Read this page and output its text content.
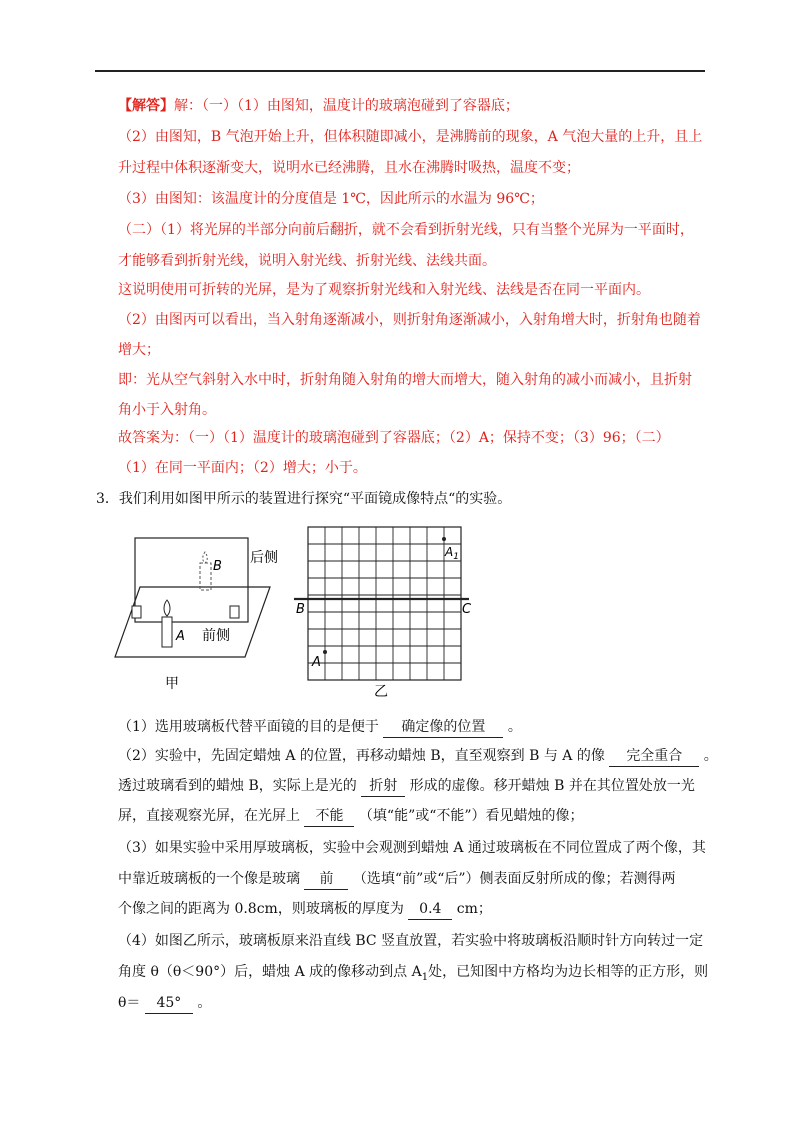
【解答】解：（一）（1）由图知，温度计的玻璃泡碰到了容器底；
（2）由图知，B 气泡开始上升，但体积随即减小，是沸腾前的现象，A 气泡大量的上升，且上
升过程中体积逐渐变大，说明水已经沸腾，且水在沸腾时吸热，温度不变；
（3）由图知：该温度计的分度值是 1℃，因此所示的水温为 96℃；
（二）（1）将光屏的半部分向前后翻折，就不会看到折射光线，只有当整个光屏为一平面时，
才能够看到折射光线，说明入射光线、折射光线、法线共面。
这说明使用可折转的光屏，是为了观察折射光线和入射光线、法线是否在同一平面内。
（2）由图丙可以看出，当入射角逐渐减小，则折射角逐渐减小，入射角增大时，折射角也随着
增大；
即：光从空气斜射入水中时，折射角随入射角的增大而增大，随入射角的减小而减小，且折射
角小于入射角。
故答案为：（一）（1）温度计的玻璃泡碰到了容器底；（2）A；保持不变；（3）96；（二）
（1）在同一平面内；（2）增大；小于。
3．我们利用如图甲所示的装置进行探究“平面镜成像特点“的实验。
B
A
后侧
前侧
甲
B	C
A
$A_1$
乙
（1）选用玻璃板代替平面镜的目的是便于 确定像的位置 。
（2）实验中，先固定蜡烛 A 的位置，再移动蜡烛 B，直至观察到 B 与 A 的像 完全重合 。
透过玻璃看到的蜡烛 B，实际上是光的 折射 形成的虚像。移开蜡烛 B 并在其位置处放一光
屏，直接观察光屏，在光屏上 不能 （填“能”或“不能”）看见蜡烛的像；
（3）如果实验中采用厚玻璃板，实验中会观测到蜡烛 A 通过玻璃板在不同位置成了两个像，其
中靠近玻璃板的一个像是玻璃 前 （选填“前”或“后”）侧表面反射所成的像；若测得两
个像之间的距离为 0.8cm，则玻璃板的厚度为 0.4 cm；
（4）如图乙所示，玻璃板原来沿直线 BC 竖直放置，若实验中将玻璃板沿顺时针方向转过一定
角度 θ（θ＜90°）后，蜡烛 A 成的像移动到点 $A_1$处，已知图中方格均为边长相等的正方形，则
θ＝ 45° 。
